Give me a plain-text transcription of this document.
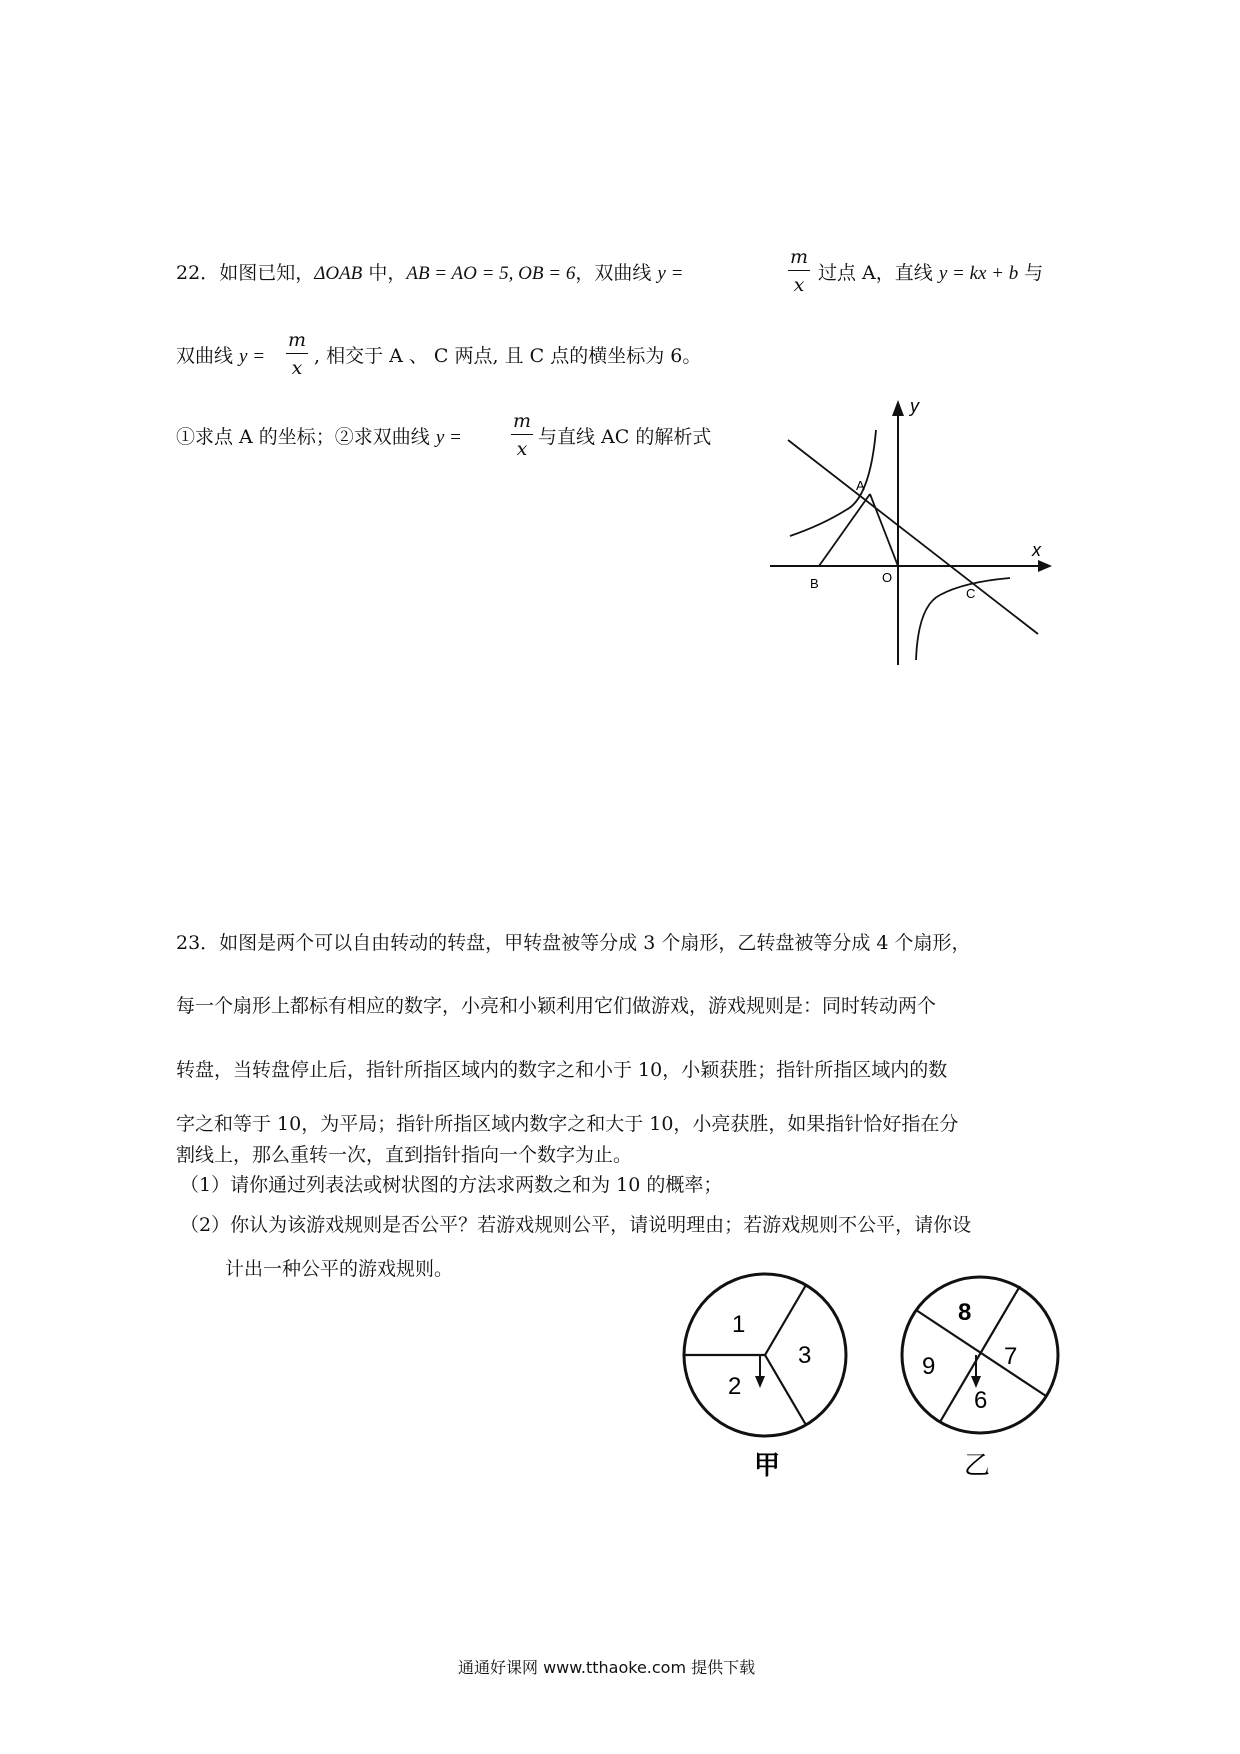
22．如图已知，ΔOAB 中，AB = AO = 5, OB = 6，双曲线 y =	$\frac{m}{x}$ 过点 A，直线 y = kx + b 与
双曲线 $y = \frac{m}{x}$ , 相交于 A 、 C 两点, 且 C 点的横坐标为 6。
①求点 A 的坐标；②求双曲线 y =	$\frac{m}{x}$ 与直线 AC 的解析式
y
x
A
B	O
C
23．如图是两个可以自由转动的转盘，甲转盘被等分成 3 个扇形，乙转盘被等分成 4 个扇形，
每一个扇形上都标有相应的数字，小亮和小颖利用它们做游戏，游戏规则是：同时转动两个
转盘，当转盘停止后，指针所指区域内的数字之和小于 10，小颖获胜；指针所指区域内的数
字之和等于 10，为平局；指针所指区域内数字之和大于 10，小亮获胜，如果指针恰好指在分
割线上，那么重转一次，直到指针指向一个数字为止。
（1）请你通过列表法或树状图的方法求两数之和为 10 的概率；
（2）你认为该游戏规则是否公平？若游戏规则公平，请说明理由；若游戏规则不公平，请你设
计出一种公平的游戏规则。
1
3
2
甲
8
7
6
9
乙
通通好课网 www.tthaoke.com 提供下载
